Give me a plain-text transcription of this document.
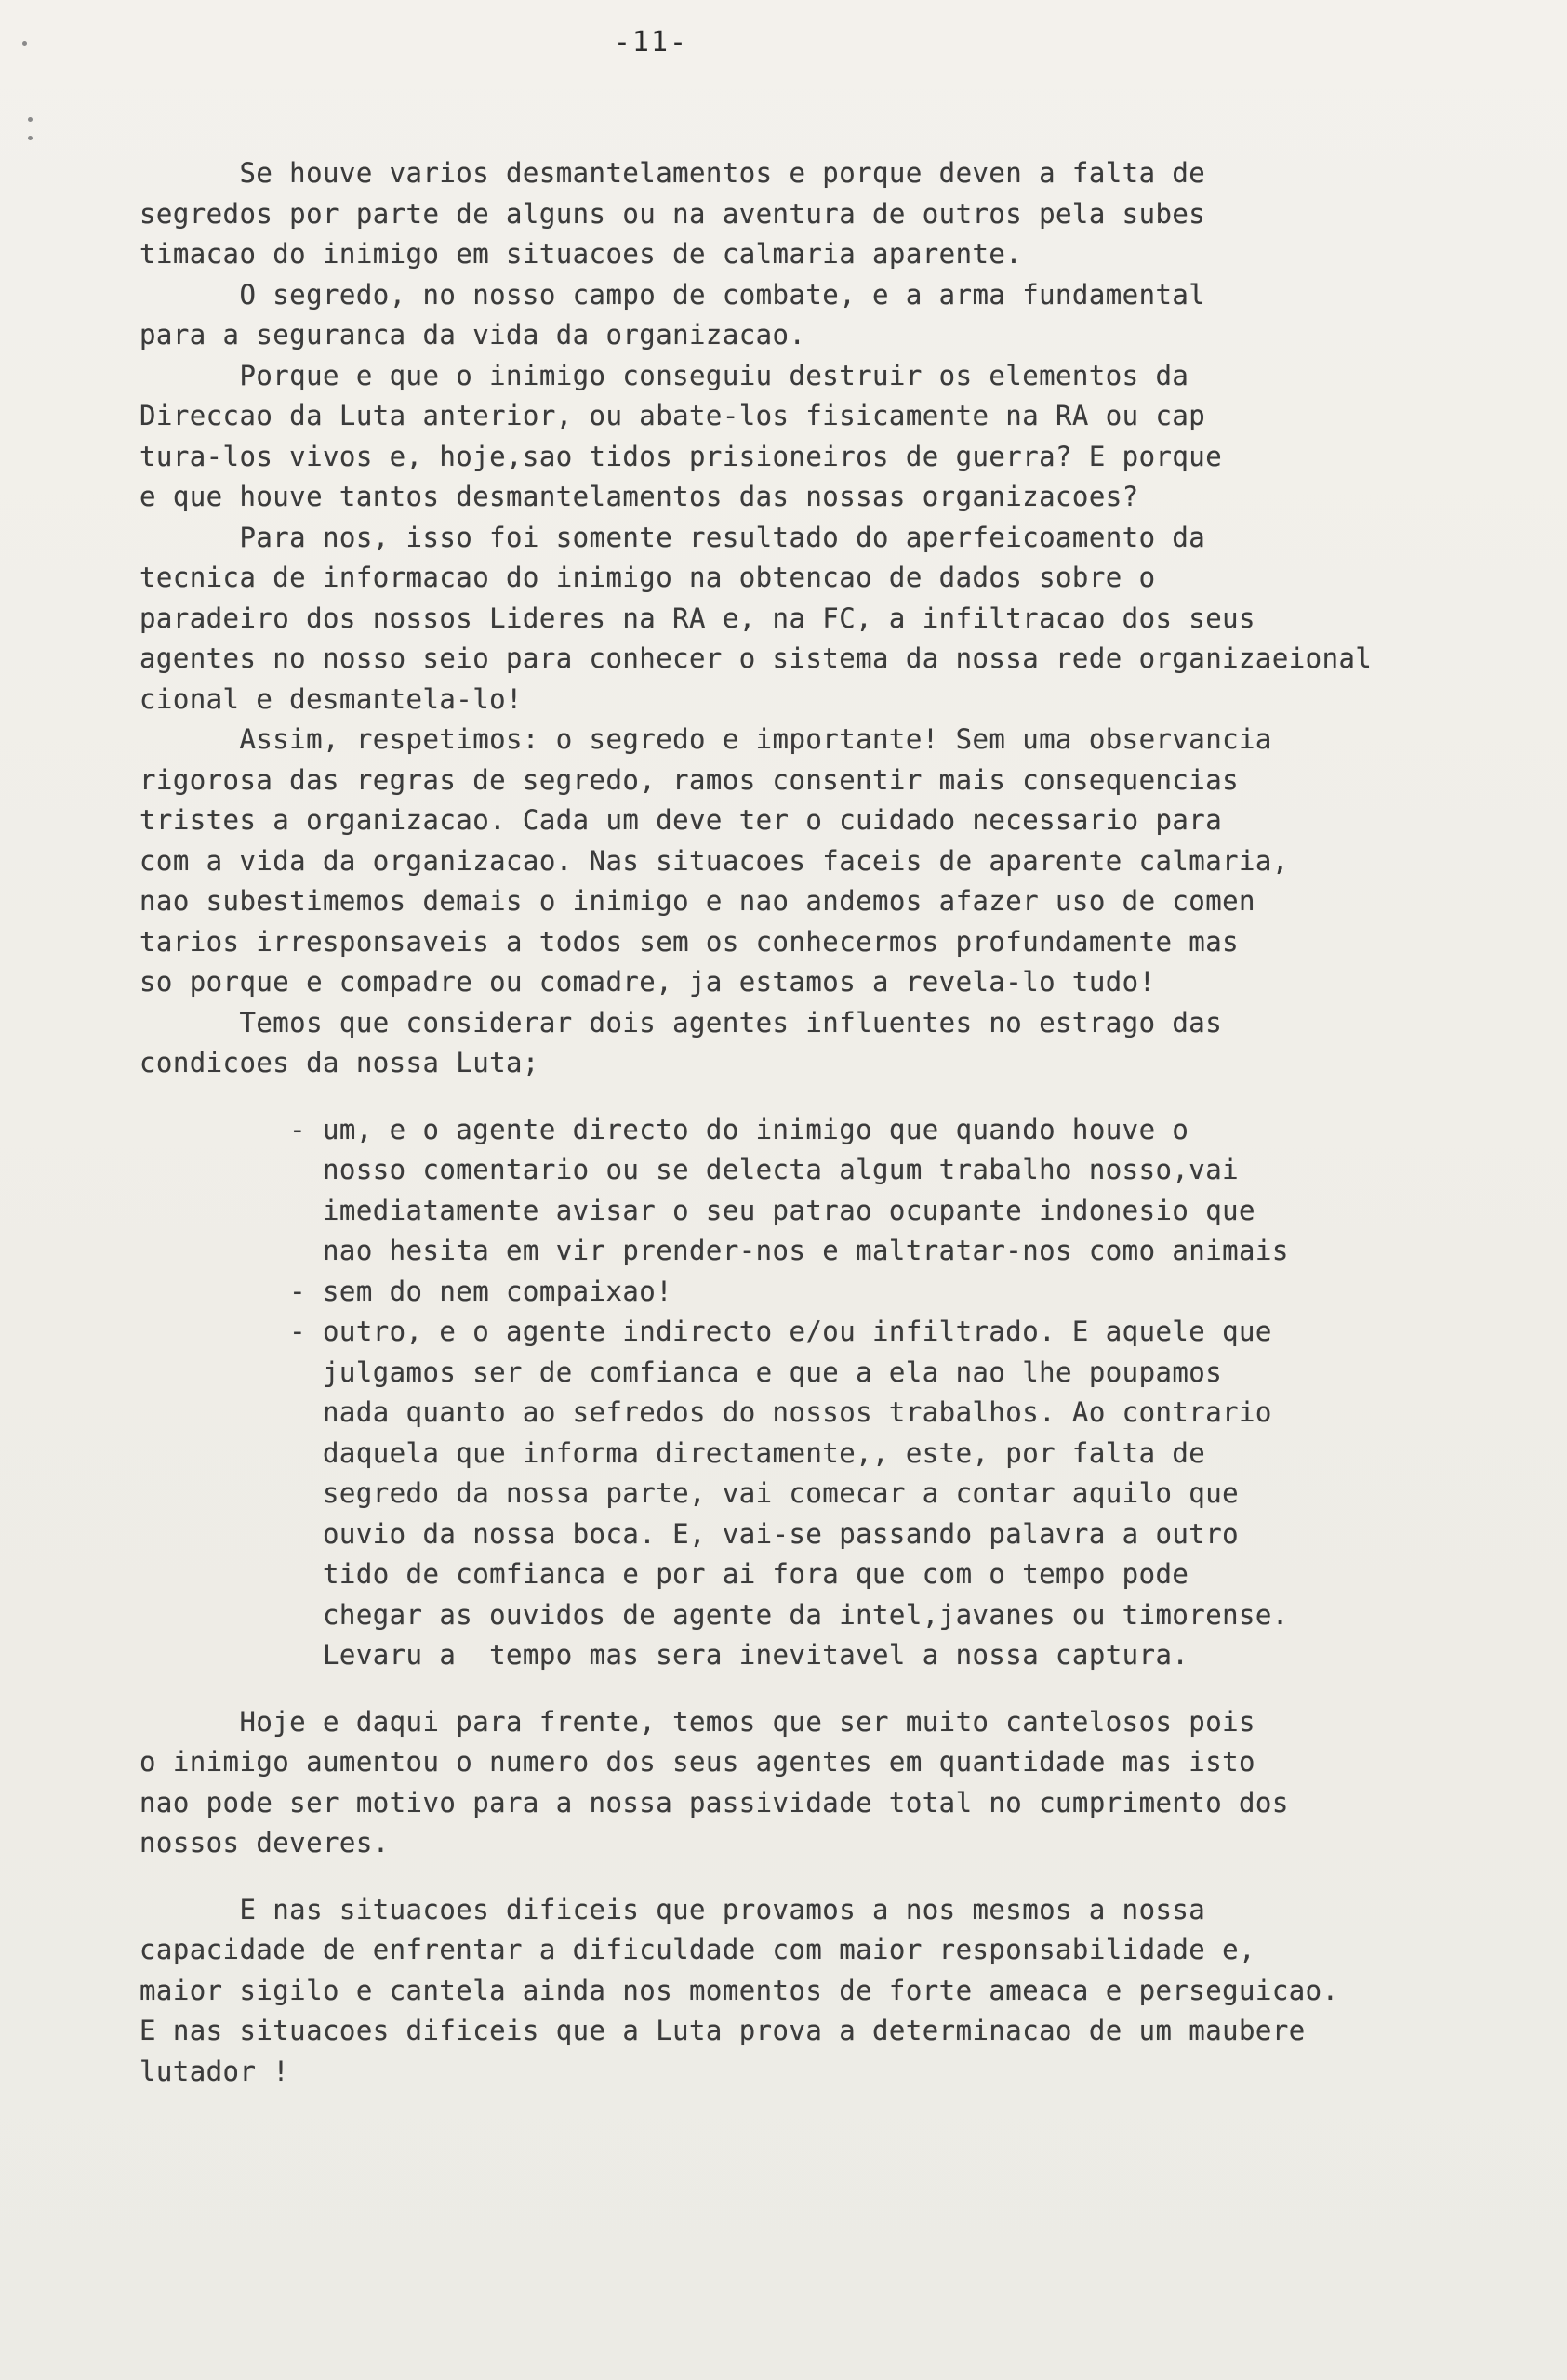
-11-
Se houve varios desmantelamentos e porque deven a falta de
segredos por parte de alguns ou na aventura de outros pela subes
timacao do inimigo em situacoes de calmaria aparente.
O segredo, no nosso campo de combate, e a arma fundamental
para a seguranca da vida da organizacao.
Porque e que o inimigo conseguiu destruir os elementos da
Direccao da Luta anterior, ou abate-los fisicamente na RA ou cap
tura-los vivos e, hoje,sao tidos prisioneiros de guerra? E porque
e que houve tantos desmantelamentos das nossas organizacoes?
Para nos, isso foi somente resultado do aperfeicoamento da
tecnica de informacao do inimigo na obtencao de dados sobre o
paradeiro dos nossos Lideres na RA e, na FC, a infiltracao dos seus
agentes no nosso seio para conhecer o sistema da nossa rede organizaeional
cional e desmantela-lo!
Assim, respetimos: o segredo e importante! Sem uma observancia
rigorosa das regras de segredo, ramos consentir mais consequencias
tristes a organizacao. Cada um deve ter o cuidado necessario para
com a vida da organizacao. Nas situacoes faceis de aparente calmaria,
nao subestimemos demais o inimigo e nao andemos afazer uso de comen
tarios irresponsaveis a todos sem os conhecermos profundamente mas
so porque e compadre ou comadre, ja estamos a revela-lo tudo!
Temos que considerar dois agentes influentes no estrago das
condicoes da nossa Luta;
- um, e o agente directo do inimigo que quando houve o
nosso comentario ou se delecta algum trabalho nosso,vai
imediatamente avisar o seu patrao ocupante indonesio que
nao hesita em vir prender-nos e maltratar-nos como animais
- sem do nem compaixao!
- outro, e o agente indirecto e/ou infiltrado. E aquele que
julgamos ser de comfianca e que a ela nao lhe poupamos
nada quanto ao sefredos do nossos trabalhos. Ao contrario
daquela que informa directamente,, este, por falta de
segredo da nossa parte, vai comecar a contar aquilo que
ouvio da nossa boca. E, vai-se passando palavra a outro
tido de comfianca e por ai fora que com o tempo pode
chegar as ouvidos de agente da intel,javanes ou timorense.
Levaru a  tempo mas sera inevitavel a nossa captura.
Hoje e daqui para frente, temos que ser muito cantelosos pois
o inimigo aumentou o numero dos seus agentes em quantidade mas isto
nao pode ser motivo para a nossa passividade total no cumprimento dos
nossos deveres.
E nas situacoes dificeis que provamos a nos mesmos a nossa
capacidade de enfrentar a dificuldade com maior responsabilidade e,
maior sigilo e cantela ainda nos momentos de forte ameaca e perseguicao.
E nas situacoes dificeis que a Luta prova a determinacao de um maubere
lutador !
